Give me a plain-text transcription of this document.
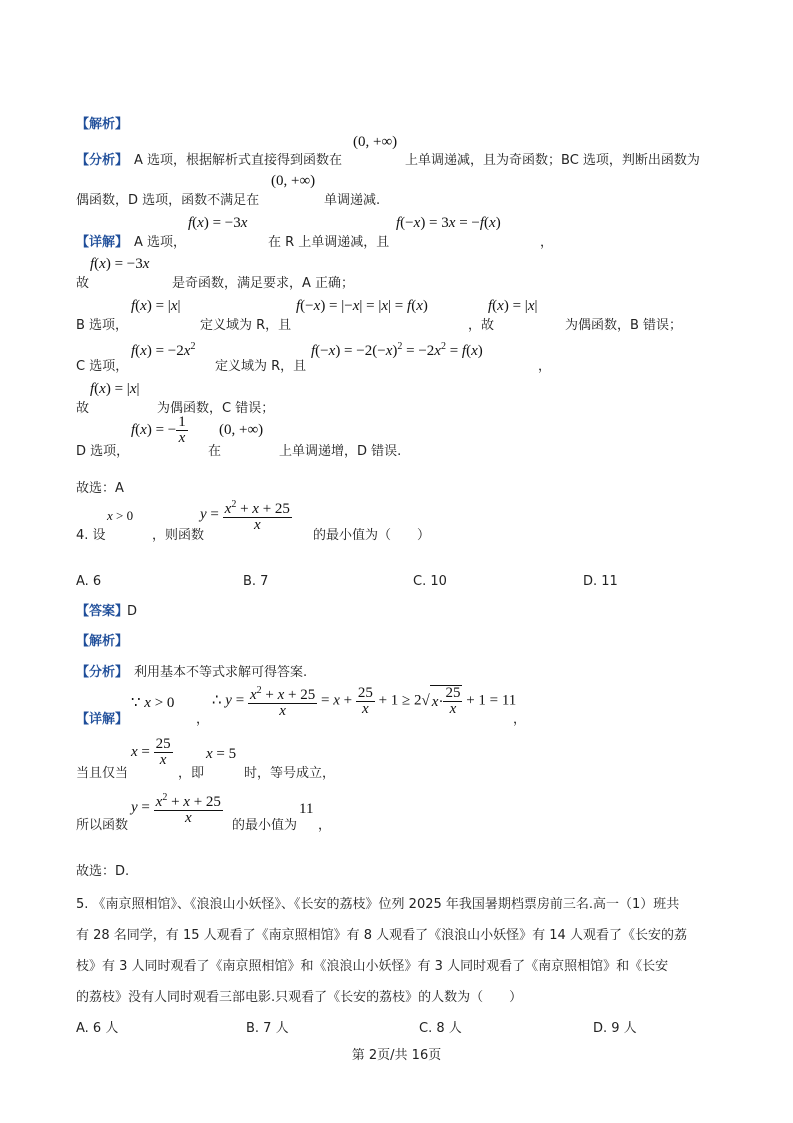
【解析】
(0, +∞)
【分析】 A 选项，根据解析式直接得到函数在	上单调递减，且为奇函数；BC 选项，判断出函数为
(0, +∞)
偶函数，D 选项，函数不满足在	单调递减.
f(x) = −3x	f(−x) = 3x = −f(x)
【详解】 A 选项，	在 R 上单调递减，且	，
f(x) = −3x
故	是奇函数，满足要求，A 正确；
f(x) = |x|	f(−x) = |−x| = |x| = f(x)	f(x) = |x|
B 选项，	定义域为 R，且	，故	为偶函数，B 错误；
$f(x) = -2x^2$	$f(-x) = -2(-x)^2 = -2x^2 = f(x)$
C 选项，	定义域为 R，且	，
f(x) = |x|
故	为偶函数，C 错误；
f(x) = − $\frac{1}{x} (0$, +∞)
D 选项，	在	上单调递增，D 错误.
故选：A
x > 0	$y = \frac{x^2 + x + 25}{x}$
4. 设	，则函数	的最小值为（　　）
A. 6	B. 7	C. 10	D. 11
【答案】
D
【解析】
【分析】 利用基本不等式求解可得答案.
∵ x > 0	∴ $y = \frac{x^2 + x + 25}{x} = x + \frac{25}{x} + 1 \ge 2$ √ $x \cdot \frac{25}{x} + 1 = 11$
【详解】	，	，
$x = \frac{25}{x}$ x = 5
当且仅当	，即	时，等号成立，
$y = \frac{x^2 + x + 25}{x}$	11
所以函数	的最小值为 ，
故选：D.
5. 《南京照相馆》、《浪浪山小妖怪》、《长安的荔枝》位列 2025 年我国暑期档票房前三名.高一（1）班共
有 28 名同学，有 15 人观看了《南京照相馆》有 8 人观看了《浪浪山小妖怪》有 14 人观看了《长安的荔
枝》有 3 人同时观看了《南京照相馆》和《浪浪山小妖怪》有 3 人同时观看了《南京照相馆》和《长安
的荔枝》没有人同时观看三部电影.只观看了《长安的荔枝》的人数为（　　）
A. 6 人	B. 7 人	C. 8 人	D. 9 人
第 2页/共 16页
